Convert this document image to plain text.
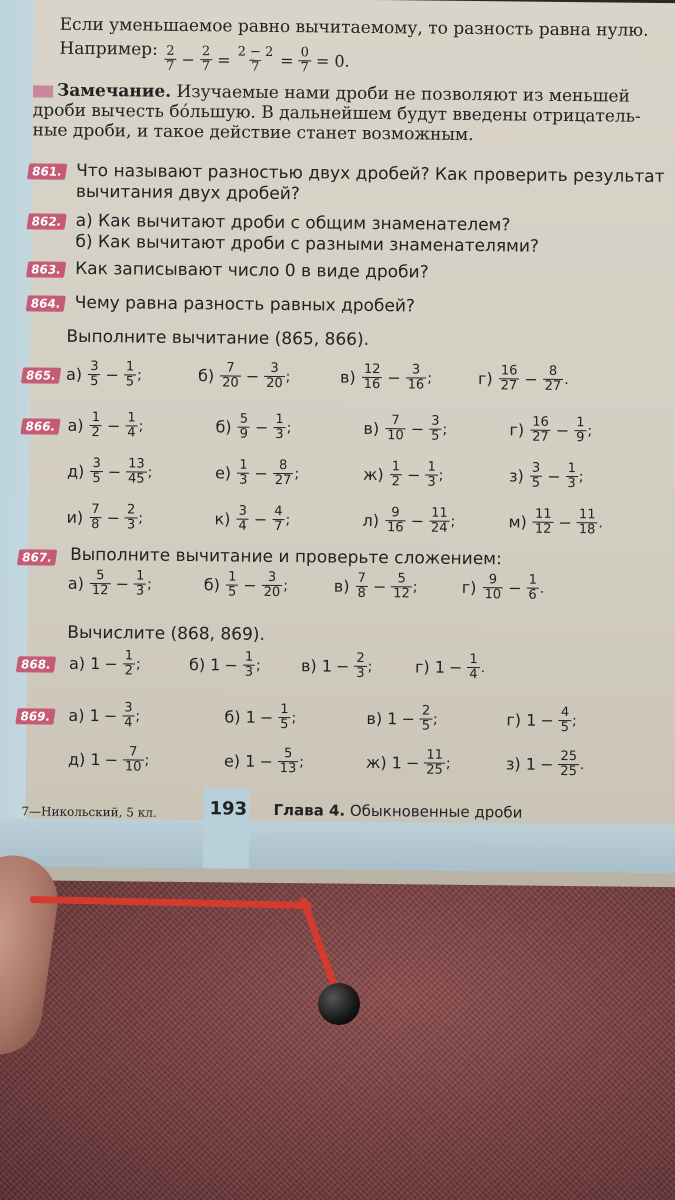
Если уменьшаемое равно вычитаемому, то разность равна нулю.
Например: $\frac{2}{7} - \frac{2}{7} = \frac{2 - 2}{7} = \frac{0}{7} = 0$.
Замечание. Изучаемые нами дроби не позволяют из меньшей
дроби вычесть бо́льшую. В дальнейшем будут введены отрицатель-
ные дроби, и такое действие станет возможным.
861. Что называют разностью двух дробей? Как проверить результат
вычитания двух дробей?
862. а) Как вычитают дроби с общим знаменателем?
б) Как вычитают дроби с разными знаменателями?
863. Как записывают число 0 в виде дроби?
864. Чему равна разность равных дробей?
Выполните вычитание (865, 866).
865. а)
$\frac{3}{5} - \frac{1}{5}$ ;	б)
$\frac{7}{20} - \frac{3}{20}$ ;	в)
$\frac{12}{16} - \frac{3}{16}$ ;	г)
$\frac{16}{27} - \frac{8}{27}$ .
866. а)
$\frac{1}{2} - \frac{1}{4}$ ;	б)
$\frac{5}{9} - \frac{1}{3}$ ;	в)
$\frac{7}{10} - \frac{3}{5}$ ;	г)
$\frac{16}{27} - \frac{1}{9}$ ;
д)
$\frac{3}{5} - \frac{13}{45}$ ;	е)
$\frac{1}{3} - \frac{8}{27}$ ;	ж)
$\frac{1}{2} - \frac{1}{3}$ ;	з)
$\frac{3}{5} - \frac{1}{3}$ ;
и)
$\frac{7}{8} - \frac{2}{3}$ ;	к)
$\frac{3}{4} - \frac{4}{7}$ ;	л)
$\frac{9}{16} - \frac{11}{24}$ ;	м)
$\frac{11}{12} - \frac{11}{18}$ .
867. Выполните вычитание и проверьте сложением:
а)
$\frac{5}{12} - \frac{1}{3}$ ;	б)
$\frac{1}{5} - \frac{3}{20}$ ;	в)
$\frac{7}{8} - \frac{5}{12}$ ;	г)
$\frac{9}{10} - \frac{1}{6}$ .
Вычислите (868, 869).
868. а)
$1 - \frac{1}{2}$ ;	б)
$1 - \frac{1}{3}$ ;	в)
$1 - \frac{2}{3}$ ;	г)
$1 - \frac{1}{4}$ .
869. а)
$1 - \frac{3}{4}$ ;	б)
$1 - \frac{1}{5}$ ;	в)
$1 - \frac{2}{5}$ ;	г)
$1 - \frac{4}{5}$ ;
д)
$1 - \frac{7}{10}$ ;	е)
$1 - \frac{5}{13}$ ;	ж)
$1 - \frac{11}{25}$ ;	з)
$1 - \frac{25}{25}$ .
7—Никольский, 5 кл.	193 Глава 4. Обыкновенные дроби
